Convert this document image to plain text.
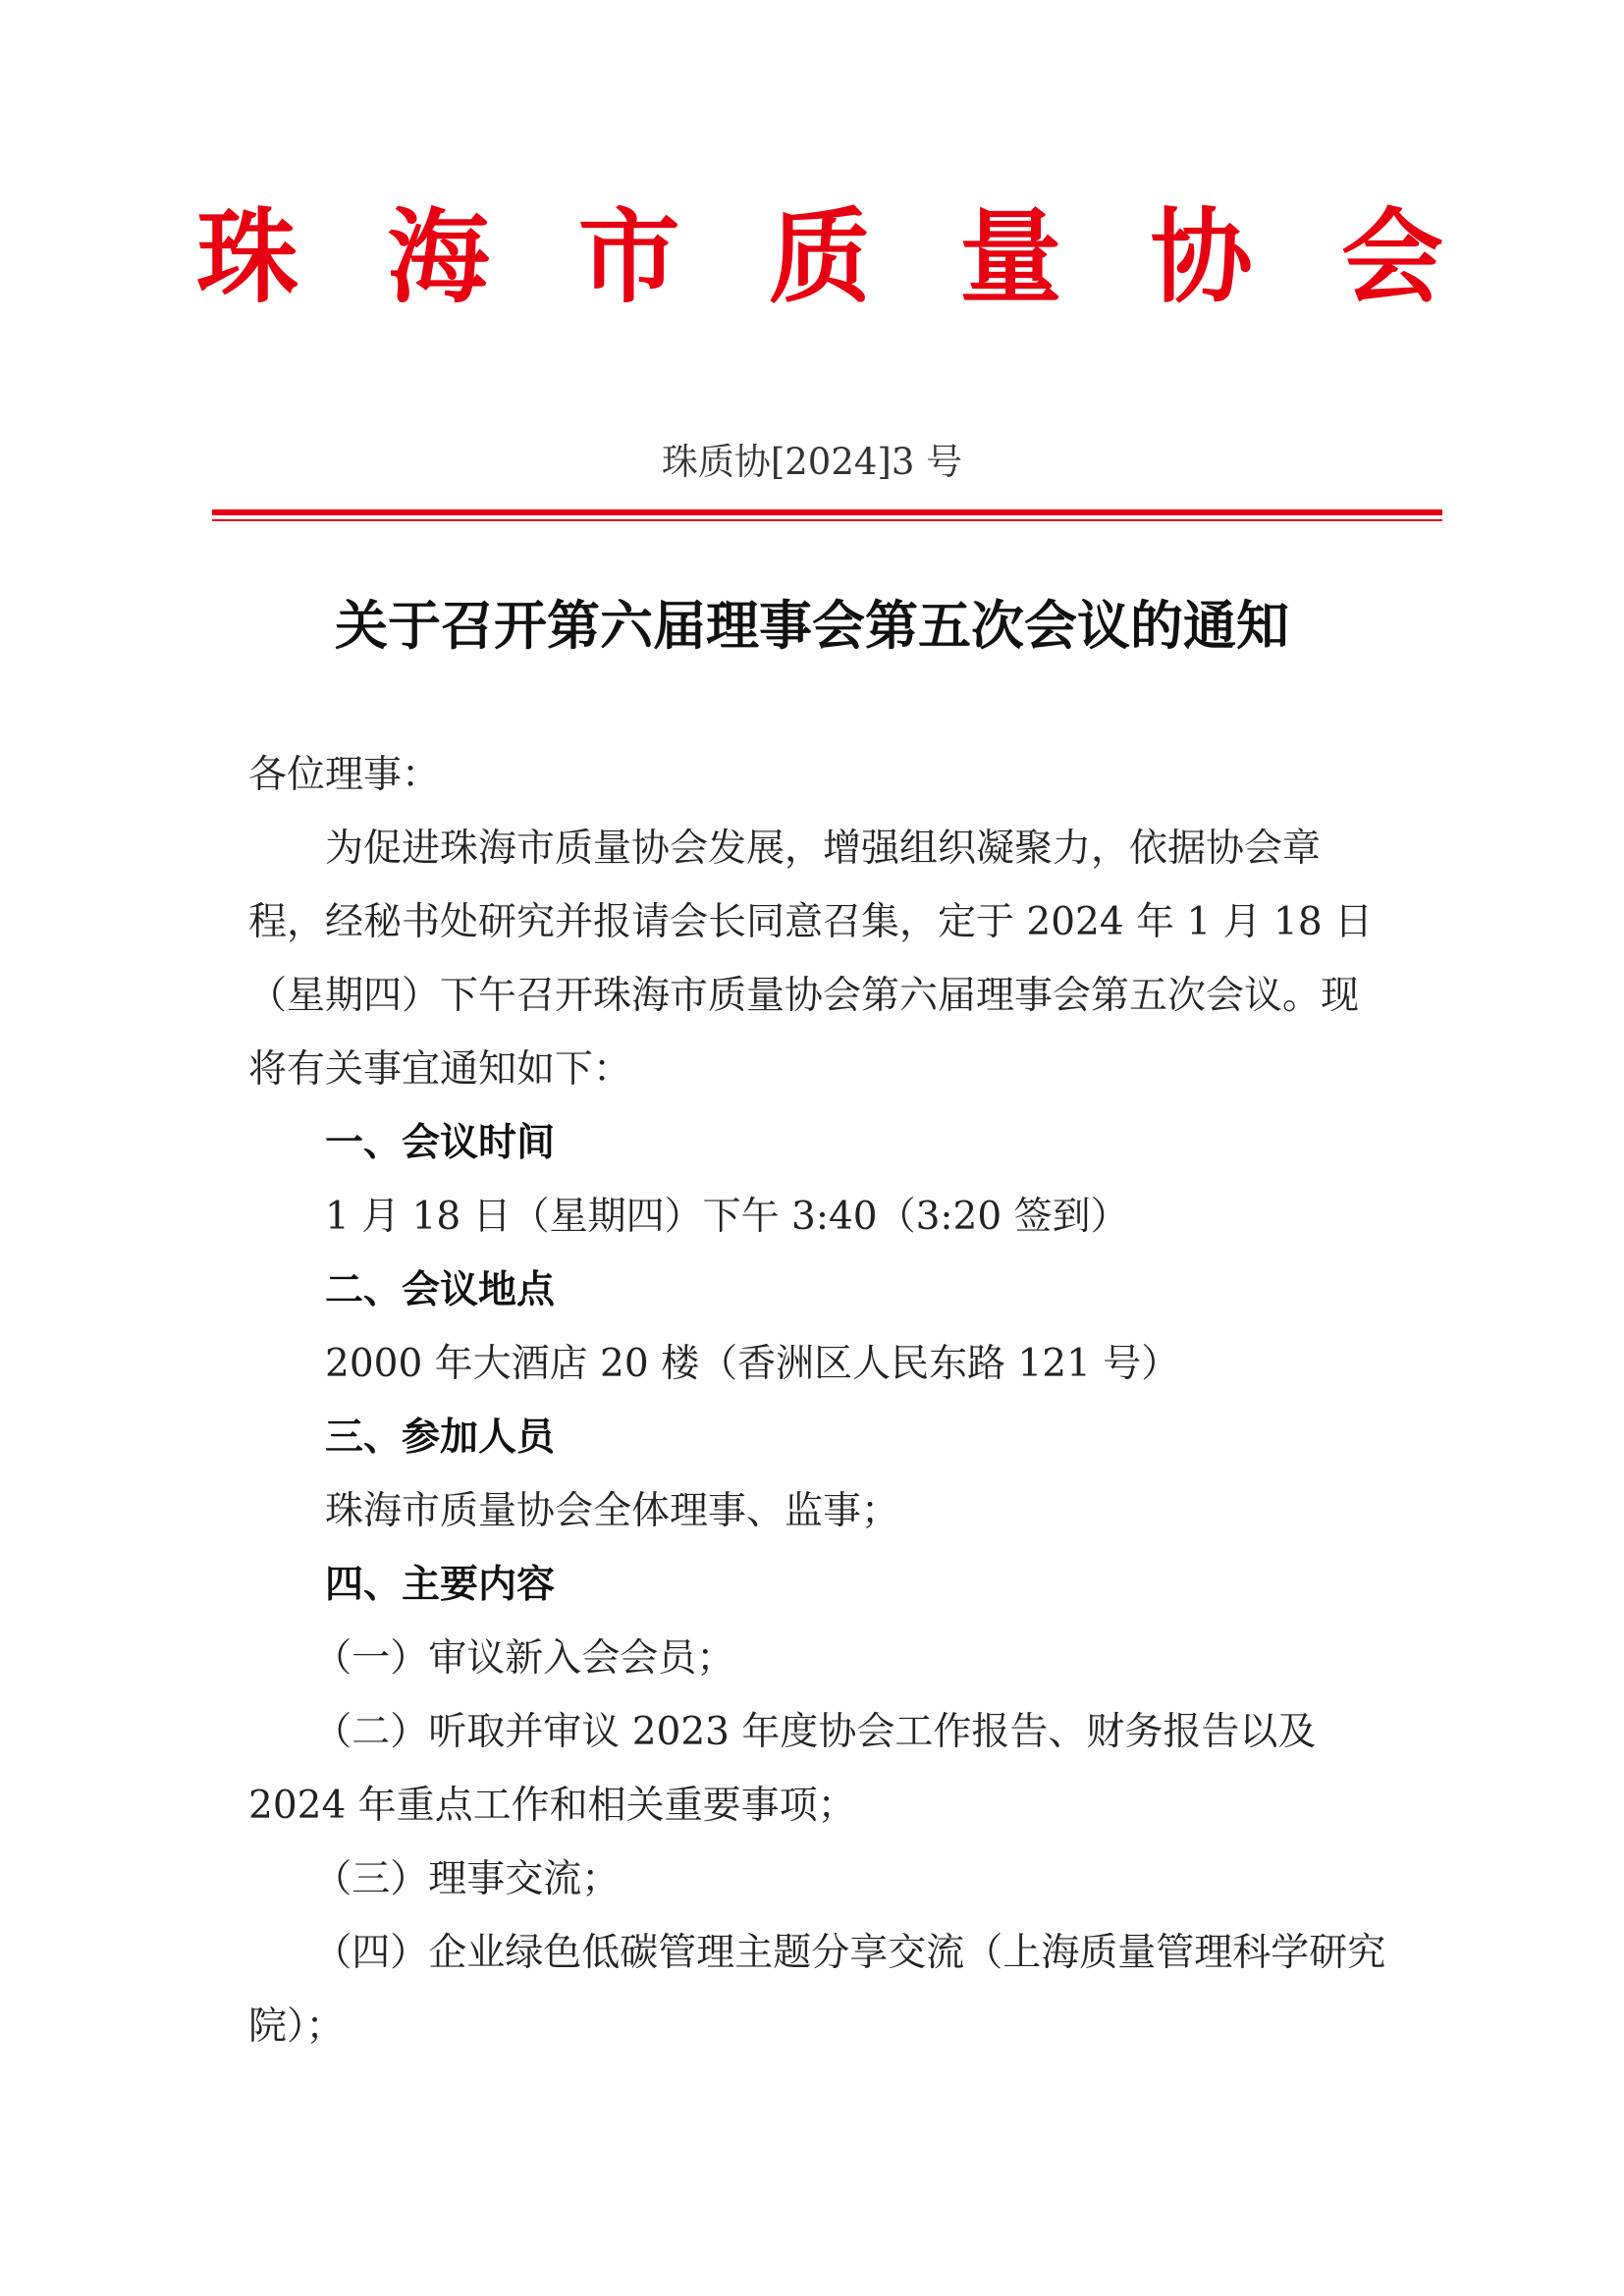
珠 海 市 质 量 协 会
珠质协[2024]3 号
关于召开第六届理事会第五次会议的通知

各位理事：

为促进珠海市质量协会发展，增强组织凝聚力，依据协会章程，经秘书处研究并报请会长同意召集，定于 2024 年 1 月 18 日（星期四）下午召开珠海市质量协会第六届理事会第五次会议。现将有关事宜通知如下：

一、会议时间

1 月 18 日（星期四）下午 3:40（3:20 签到）

二、会议地点

2000 年大酒店 20 楼（香洲区人民东路 121 号）

三、参加人员

珠海市质量协会全体理事、监事；

四、主要内容

（一）审议新入会会员；

（二）听取并审议 2023 年度协会工作报告、财务报告以及 2024 年重点工作和相关重要事项；

（三）理事交流；

（四）企业绿色低碳管理主题分享交流（上海质量管理科学研究院）；
